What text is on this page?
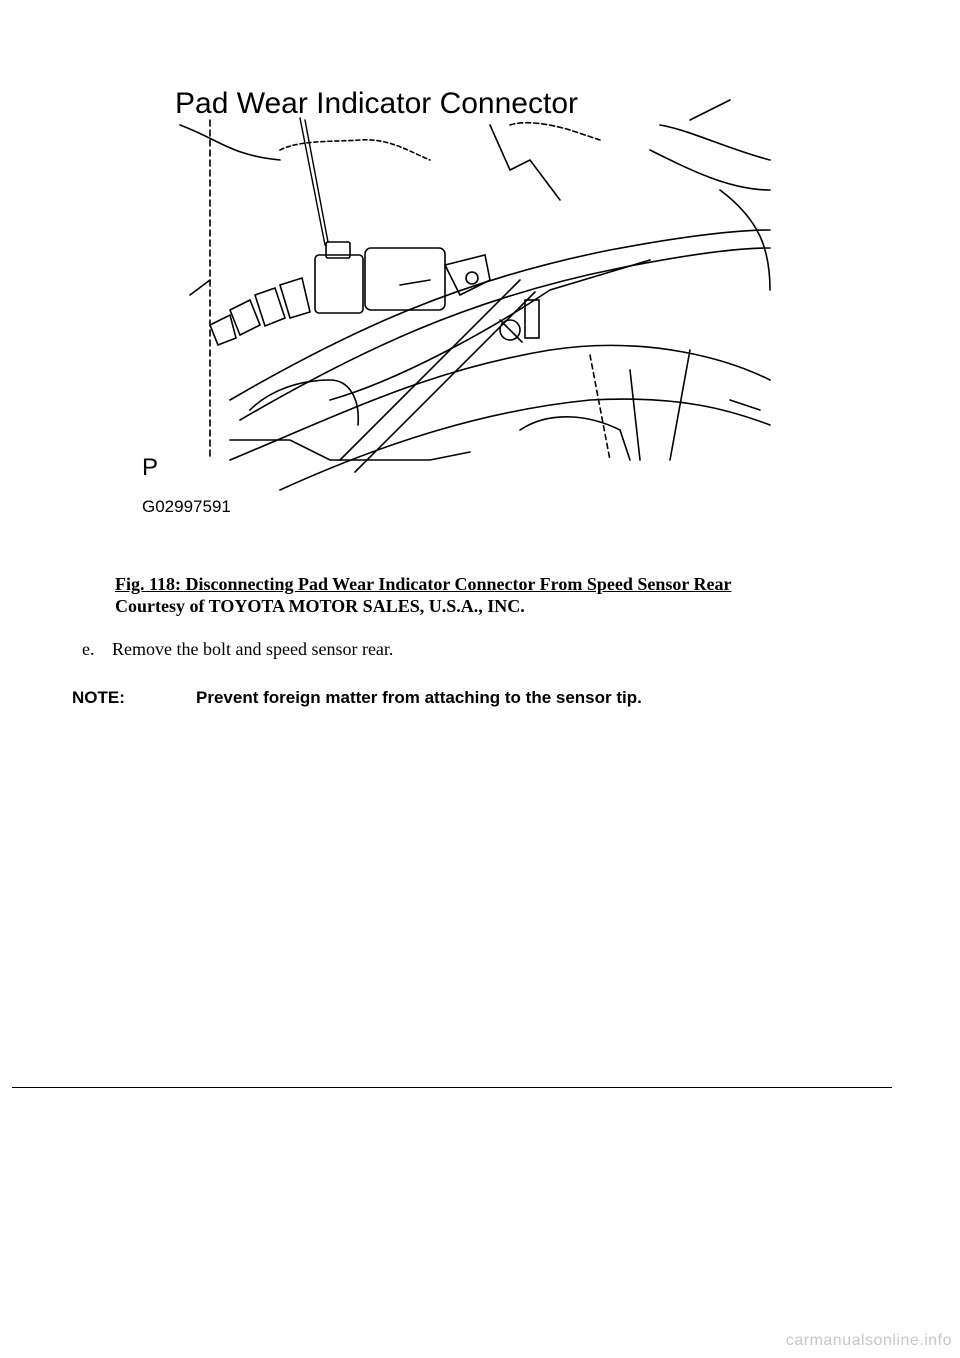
Pad Wear Indicator Connector
P
G02997591
Fig. 118: Disconnecting Pad Wear Indicator Connector From Speed Sensor Rear
Courtesy of TOYOTA MOTOR SALES, U.S.A., INC.
e. Remove the bolt and speed sensor rear.
NOTE:	Prevent foreign matter from attaching to the sensor tip.
carmanualsonline.info
